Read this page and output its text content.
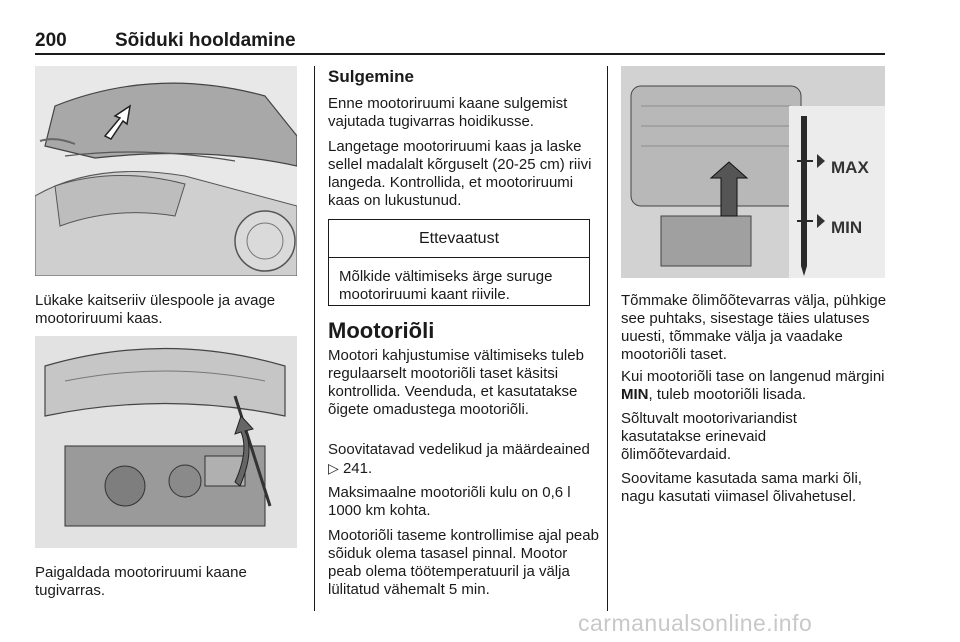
200	Sõiduki hooldamine

Lükake kaitseriiv ülespoole ja avage mootoriruumi kaas.

Paigaldada mootoriruumi kaane tugivarras.

Sulgemine

Enne mootoriruumi kaane sulgemist vajutada tugivarras hoidikusse.

Langetage mootoriruumi kaas ja laske sellel madalalt kõrguselt (20-25 cm) riivi langeda. Kontrollida, et mootoriruumi kaas on lukustunud.

Ettevaatust
Mõlkide vältimiseks ärge suruge mootoriruumi kaant riivile.

Mootoriõli

Mootori kahjustumise vältimiseks tuleb regulaarselt mootoriõli taset käsitsi kontrollida. Veenduda, et kasutatakse õigete omadustega mootoriõli.

Soovitatavad vedelikud ja määrdeained ▷ 241.

Maksimaalne mootoriõli kulu on 0,6 l 1000 km kohta.

Mootoriõli taseme kontrollimise ajal peab sõiduk olema tasasel pinnal. Mootor peab olema töötemperatuuril ja välja lülitatud vähemalt 5 min.

MAX
MIN

Tõmmake õlimõõtevarras välja, pühkige see puhtaks, sisestage täies ulatuses uuesti, tõmmake välja ja vaadake mootoriõli taset.

Kui mootoriõli tase on langenud märgini MIN, tuleb mootoriõli lisada.

Sõltuvalt mootorivariandist kasutatakse erinevaid õlimõõtevardaid.

Soovitame kasutada sama marki õli, nagu kasutati viimasel õlivahetusel.

carmanualsonline.info
